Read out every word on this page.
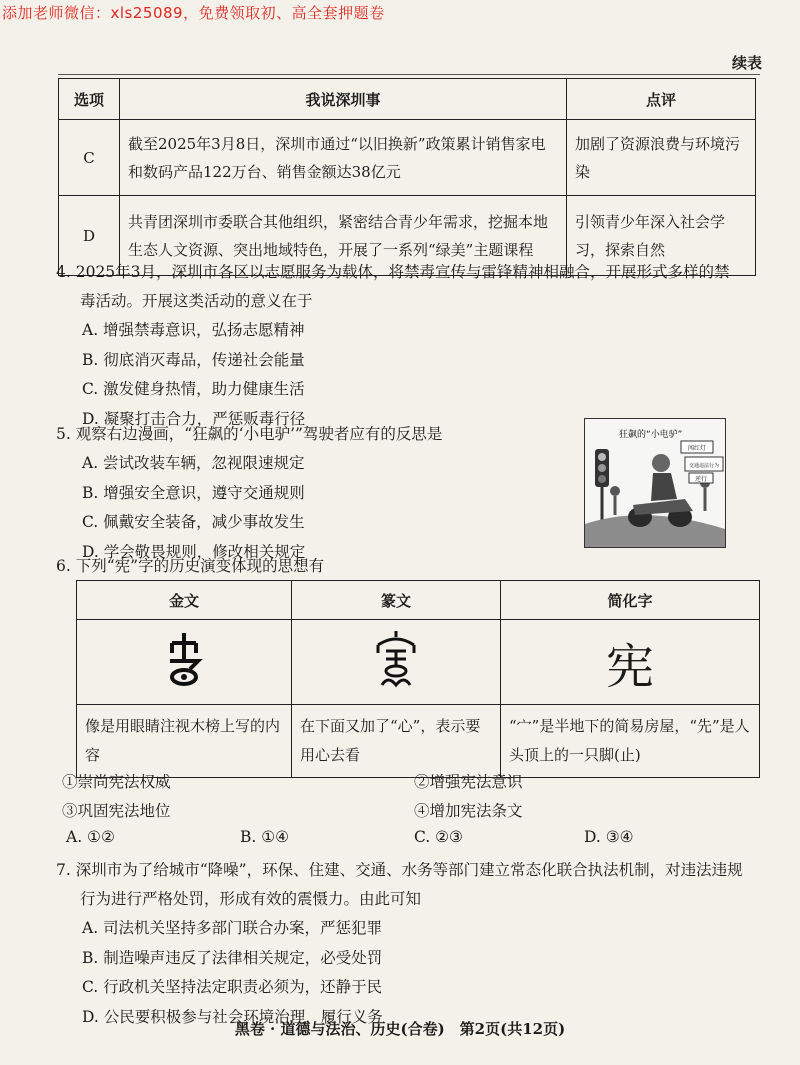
添加老师微信：xls25089，免费领取初、高全套押题卷
续表
选项	我说深圳事	点评
C	截至2025年3月8日，深圳市通过“以旧换新”政策累计销售家电和数码产品122万台、销售金额达38亿元	加剧了资源浪费与环境污染
D	共青团深圳市委联合其他组织，紧密结合青少年需求，挖掘本地生态人文资源、突出地域特色，开展了一系列“绿美”主题课程	引领青少年深入社会学习，探索自然

4. 2025年3月，深圳市各区以志愿服务为载体，将禁毒宣传与雷锋精神相融合，开展形式多样的禁

毒活动。开展这类活动的意义在于

A. 增强禁毒意识，弘扬志愿精神

B. 彻底消灭毒品，传递社会能量

C. 激发健身热情，助力健康生活

D. 凝聚打击合力，严惩贩毒行径

5. 观察右边漫画，“狂飙的‘小电驴’”驾驶者应有的反思是

A. 尝试改装车辆，忽视限速规定

B. 增强安全意识，遵守交通规则

C. 佩戴安全装备，减少事故发生

D. 学会敬畏规则，修改相关规定

闯红灯
交通违法行为
逆行
狂飙的“小电驴”

6. 下列“宪”字的历史演变体现的思想有

金文	篆文	简化字
		宪
像是用眼睛注视木榜上写的内容	在下面又加了“心”，表示要用心去看	“宀”是半地下的简易房屋，“先”是人头顶上的一只脚(止)
①崇尚宪法权威	②增强宪法意识
③巩固宪法地位	④增加宪法条文
A. ①②	B. ①④	C. ②③	D. ③④

7. 深圳市为了给城市“降噪”，环保、住建、交通、水务等部门建立常态化联合执法机制，对违法违规

行为进行严格处罚，形成有效的震慑力。由此可知

A. 司法机关坚持多部门联合办案，严惩犯罪

B. 制造噪声违反了法律相关规定，必受处罚

C. 行政机关坚持法定职责必须为，还静于民

D. 公民要积极参与社会环境治理，履行义务

黑卷 · 道德与法治、历史(合卷)　第2页(共12页)
